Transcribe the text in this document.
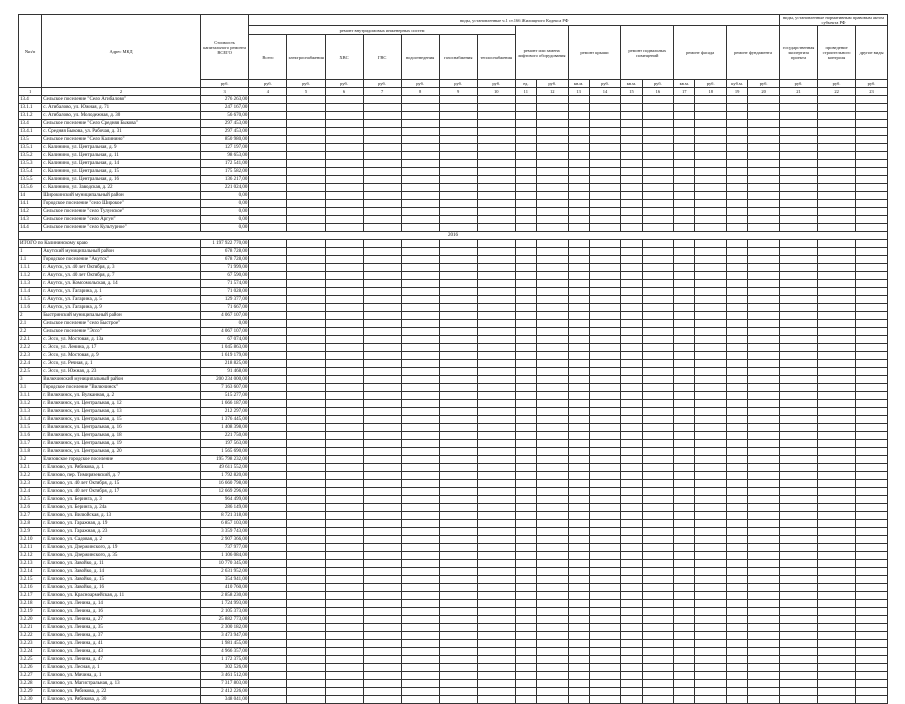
№п/п	Адрес МКД	Стоимость капитального ремонта ВСЕГО	виды, установленные ч.1 ст.166 Жилищного Кодекса РФ																	виды, установленные нормативным правовым актом субъекта РФ		
			ремонт внутридомовых инженерных систем							ремонт или замена лифтового оборудования		ремонт крыши		ремонт подвальных помещений		ремонт фасада		ремонт фундамента		государственная экспертиза проекта	проведение строительного контроля	другие виды
			Всего	электроснабжения	ХВС	ГВС	водоотведения	газоснабжения	теплоснабжения													
		руб.	руб.	руб.	руб.	руб.	руб.	руб.	руб.	ед.	руб.	кв.м.	руб.	кв.м.	руб.	кв.м.	руб.	куб.м.	руб.	руб.	руб.	руб.
1	2	3	4	5	6	7	8	9	10	11	12	13	14	15	16	17	18	19	20	21	22	23
13.4	Сельское поселение "Село Агибалово"	276 263,00																				
13.1.1	с. Агибалово, ул. Южная, д. 71	247 167,00																				
13.1.2	с. Агибалово, ул. Молодежная, д. 30	56 670,00																				
13.4	Сельское поселение "Село Средняя Быкова"	297 453,00																				
13.4.1	с. Средняя Быкова, ул. Рабочая, д. 31	297 453,00																				
13.5	Сельское поселение "Село Калинино"	850 980,00																				
13.5.1	с. Калинино, ул. Центральная, д. 9	127 197,00																				
13.5.2	с. Калинино, ул. Центральная, д. 11	98 653,00																				
13.5.3	с. Калинино, ул. Центральная, д. 14	172 541,00																				
13.5.4	с. Калинино, ул. Центральная, д. 15	175 582,00																				
13.5.5	с. Калинино, ул. Центральная, д. 16	136 217,00																				
13.5.6	с. Калинино, ул. Заводская, д. 22	221 024,00																				
14	Широкинский муниципальный район	0,00																				
14.1	Городское поселение "село Широкое"	0,00																				
14.2	Сельское поселение "село Тулунское"	0,00																				
14.3	Сельское поселение "село Аргун"	0,00																				
14.4	Сельское поселение "село Культурное"	0,00																				
2016																						
ИТОГО по Калининскому краю		1 197 922 770,00																				
1	Акутский муниципальный район	678 728,00																				
1.1	Городское поселение "Акутск"	678 728,00																				
1.1.1	г. Акутск, ул. 40 лет Октября, д. 3	71 999,00																				
1.1.2	г. Акутск, ул. 40 лет Октября, д. 7	67 590,00																				
1.1.3	г. Акутск, ул. Комсомольская, д. 14	71 574,00																				
1.1.4	г. Акутск, ул. Гагарина, д. 1	71 028,00																				
1.1.5	г. Акутск, ул. Гагарина, д. 5	129 377,00																				
1.1.6	г. Акутск, ул. Гагарина, д. 9	71 667,00																				
2	Быстринский муниципальный район	4 067 107,00																				
2.1	Сельское поселение "село Быстрое"	0,00																				
2.2	Сельское поселение "Эссо"	4 067 107,00																				
2.2.1	с. Эссо, ул. Мостовая, д. 13а	67 074,00																				
2.2.2	с. Эссо, ул. Ленина, д. 17	1 045 863,00																				
2.2.3	с. Эссо, ул. Мостовая, д. 9	1 619 179,00																				
2.2.4	с. Эссо, ул. Речная, д. 1	218 825,00																				
2.2.5	с. Эссо, ул. Южная, д. 23	91 468,00																				
3	Вилючинский муниципальный район	200 234 000,00																				
3.1	Городское поселение "Вилючинск"	7 163 607,00																				
3.1.1	г. Вилючинск, ул. Вулканная, д. 2	515 277,00																				
3.1.2	г. Вилючинск, ул. Центральная, д. 12	1 666 187,00																				
3.1.3	г. Вилючинск, ул. Центральная, д. 13	212 297,00																				
3.1.4	г. Вилючинск, ул. Центральная, д. 15	1 376 445,00																				
3.1.5	г. Вилючинск, ул. Центральная, д. 16	1 408 398,00																				
3.1.6	г. Вилючинск, ул. Центральная, д. 18	221 750,00																				
3.1.7	г. Вилючинск, ул. Центральная, д. 19	197 563,00																				
3.1.8	г. Вилючинск, ул. Центральная, д. 20	1 565 690,00																				
3.2	Елизовское городское поселение	195 798 232,00																				
3.2.1	г. Елизово, ул. Рябикова, д. 1	49 611 552,00																				
3.2.2	г. Елизово, пер. Тимирязевский, д. 7	1 792 820,00																				
3.2.3	г. Елизово, ул. 40 лет Октября, д. 15	16 660 798,00																				
3.2.4	г. Елизово, ул. 40 лет Октября, д. 17	12 669 296,00																				
3.2.5	г. Елизово, ул. Беринга, д. 3	964 499,00																				
3.2.6	г. Елизово, ул. Беринга, д. 24а	286 149,00																				
3.2.7	г. Елизово, ул. Вилюйская, д. 13	8 721 318,00																				
3.2.8	г. Елизово, ул. Гаражная, д. 19	6 857 103,00																				
3.2.9	г. Елизово, ул. Гаражная, д. 23	3 359 743,00																				
3.2.10	г. Елизово, ул. Садовая, д. 2	2 907 366,00																				
3.2.11	г. Елизово, ул. Дзержинского, д. 19	737 977,00																				
3.2.12	г. Елизово, ул. Дзержинского, д. 35	1 106 084,00																				
3.2.13	г. Елизово, ул. Завойко, д. 11	10 770 345,00																				
3.2.14	г. Елизово, ул. Завойко, д. 14	2 631 952,00																				
3.2.15	г. Елизово, ул. Завойко, д. 15	354 941,00																				
3.2.16	г. Елизово, ул. Завойко, д. 16	410 760,00																				
3.2.17	г. Елизово, ул. Красноармейская, д. 11	2 858 230,00																				
3.2.18	г. Елизово, ул. Ленина, д. 14	1 724 993,00																				
3.2.19	г. Елизово, ул. Ленина, д. 16	2 105 373,00																				
3.2.20	г. Елизово, ул. Ленина, д. 27	25 882 773,00																				
3.2.21	г. Елизово, ул. Ленина, д. 35	2 300 182,00																				
3.2.22	г. Елизово, ул. Ленина, д. 37	3 473 947,00																				
3.2.23	г. Елизово, ул. Ленина, д. 41	1 981 455,00																				
3.2.24	г. Елизово, ул. Ленина, д. 43	4 966 357,00																				
3.2.25	г. Елизово, ул. Ленина, д. 47	1 172 375,00																				
3.2.26	г. Елизово, ул. Лесная, д. 1	302 526,00																				
3.2.27	г. Елизово, ул. Мячина, д. 1	3 461 512,00																				
3.2.28	г. Елизово, ул. Магистральная, д. 13	7 317 803,00																				
3.2.29	г. Елизово, ул. Рябикова, д. 22	2 412 226,00																				
3.2.30	г. Елизово, ул. Рябикова, д. 30	348 041,00																				
